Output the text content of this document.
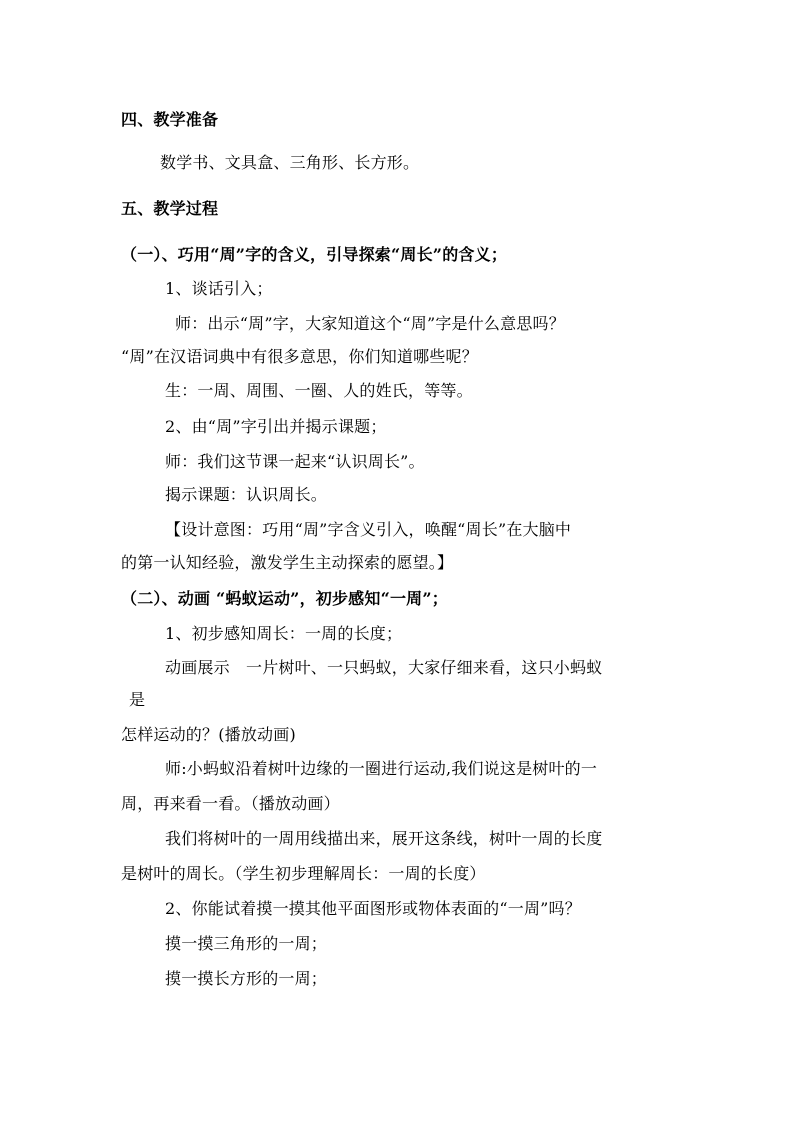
四、教学准备
数学书、文具盒、三角形、长方形。
五、教学过程
（一）、巧用“周”字的含义，引导探索“周长”的含义；
1、谈话引入；
师：出示“周”字，大家知道这个“周”字是什么意思吗？
“周”在汉语词典中有很多意思，你们知道哪些呢？
生：一周、周围、一圈、人的姓氏，等等。
2、由“周”字引出并揭示课题；
师：我们这节课一起来“认识周长”。
揭示课题：认识周长。
【设计意图：巧用“周”字含义引入，唤醒“周长”在大脑中
的第一认知经验，激发学生主动探索的愿望。】
（二）、动画 “蚂蚁运动”，初步感知“一周”；
1、初步感知周长：一周的长度；
动画展示　一片树叶、一只蚂蚁，大家仔细来看，这只小蚂蚁
是
怎样运动的？(播放动画)
师:小蚂蚁沿着树叶边缘的一圈进行运动,我们说这是树叶的一
周，再来看一看。（播放动画）
我们将树叶的一周用线描出来，展开这条线，树叶一周的长度
是树叶的周长。（学生初步理解周长：一周的长度）
2、你能试着摸一摸其他平面图形或物体表面的“一周”吗？
摸一摸三角形的一周；
摸一摸长方形的一周；
